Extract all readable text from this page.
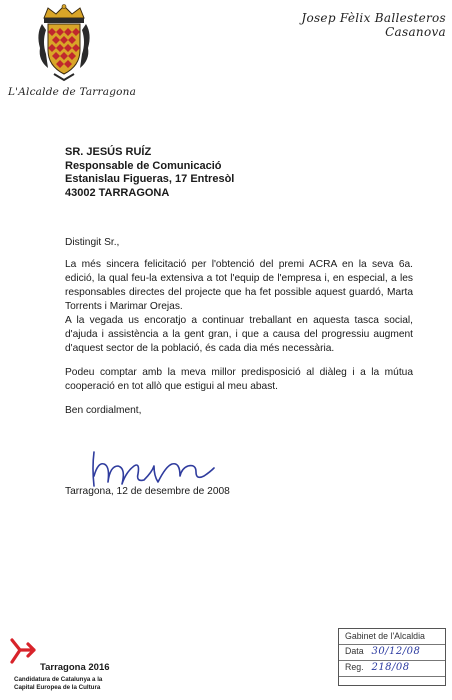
Josep Fèlix Ballesteros Casanova
L'Alcalde de Tarragona
SR. JESÚS RUÍZ
Responsable de Comunicació
Estanislau Figueras, 17 Entresòl
43002 TARRAGONA

Distingit Sr.,

La més sincera felicitació per l'obtenció del premi ACRA en la seva 6a. edició, la qual feu-la extensiva a tot l'equip de l'empresa i, en especial, a les responsables directes del projecte que ha fet possible aquest guardó, Marta Torrents i Marimar Orejas.

A la vegada us encoratjo a continuar treballant en aquesta tasca social, d'ajuda i assistència a la gent gran, i que a causa del progressiu augment d'aquest sector de la població, és cada dia més necessària.

Podeu comptar amb la meva millor predisposició al diàleg i a la mútua cooperació en tot allò que estigui al meu abast.

Ben cordialment,

Tarragona, 12 de desembre de 2008
Tarragona 2016
Candidatura de Catalunya a la
Capital Europea de la Cultura
Gabinet de l'Alcaldia
Data 30/12/08
Reg. 218/08
